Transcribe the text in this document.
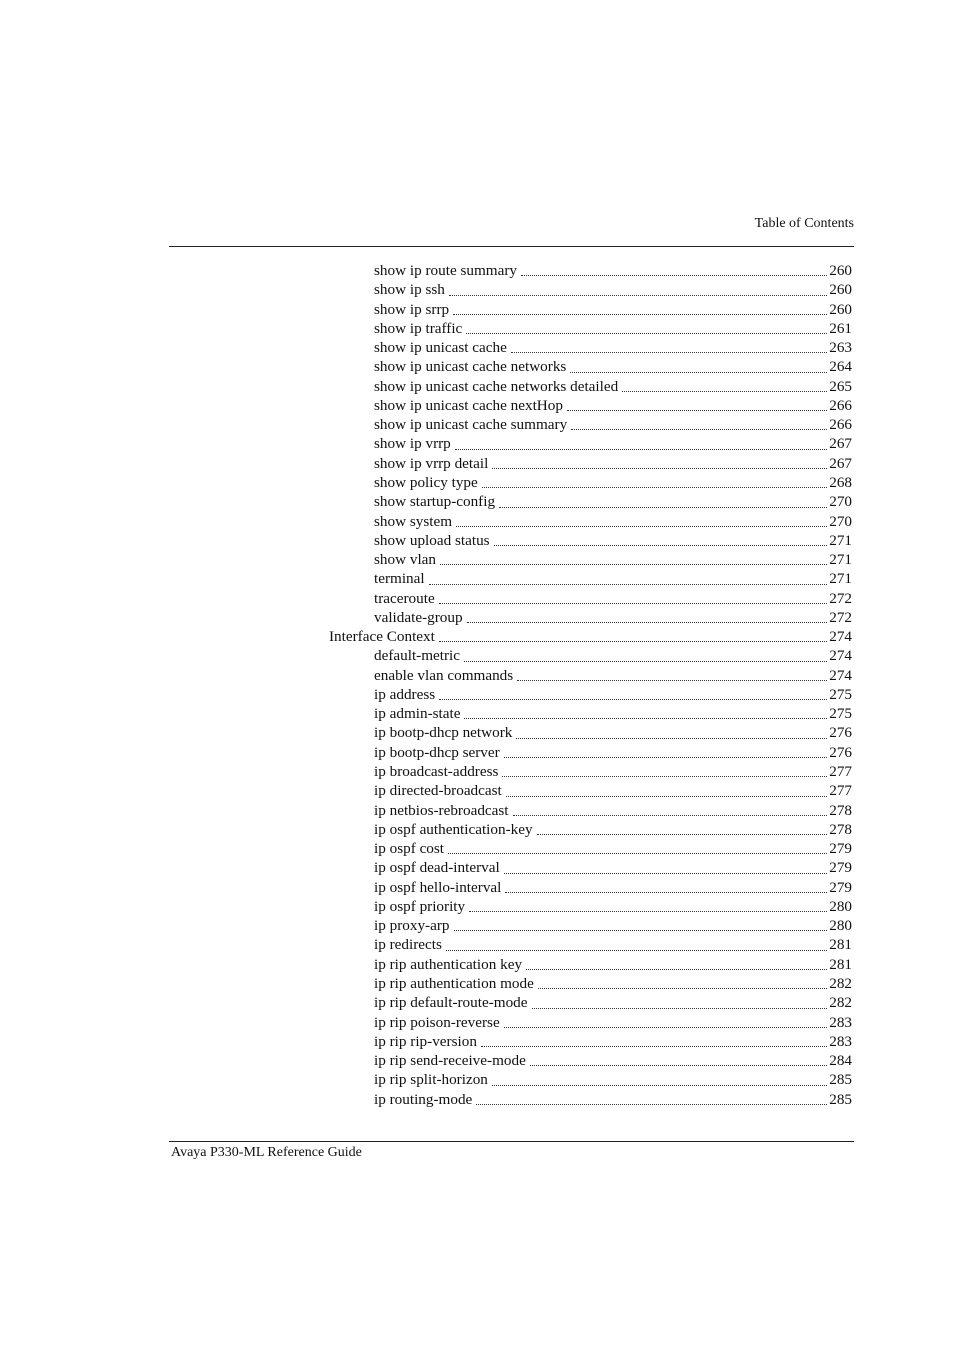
Table of Contents
show ip route summary	260
show ip ssh	260
show ip srrp	260
show ip traffic	261
show ip unicast cache	263
show ip unicast cache networks	264
show ip unicast cache networks detailed	265
show ip unicast cache nextHop	266
show ip unicast cache summary	266
show ip vrrp	267
show ip vrrp detail	267
show policy type	268
show startup-config	270
show system	270
show upload status	271
show vlan	271
terminal	271
traceroute	272
validate-group	272
Interface Context	274
default-metric	274
enable vlan commands	274
ip address	275
ip admin-state	275
ip bootp-dhcp network	276
ip bootp-dhcp server	276
ip broadcast-address	277
ip directed-broadcast	277
ip netbios-rebroadcast	278
ip ospf authentication-key	278
ip ospf cost	279
ip ospf dead-interval	279
ip ospf hello-interval	279
ip ospf priority	280
ip proxy-arp	280
ip redirects	281
ip rip authentication key	281
ip rip authentication mode	282
ip rip default-route-mode	282
ip rip poison-reverse	283
ip rip rip-version	283
ip rip send-receive-mode	284
ip rip split-horizon	285
ip routing-mode	285
Avaya P330-ML Reference Guide
